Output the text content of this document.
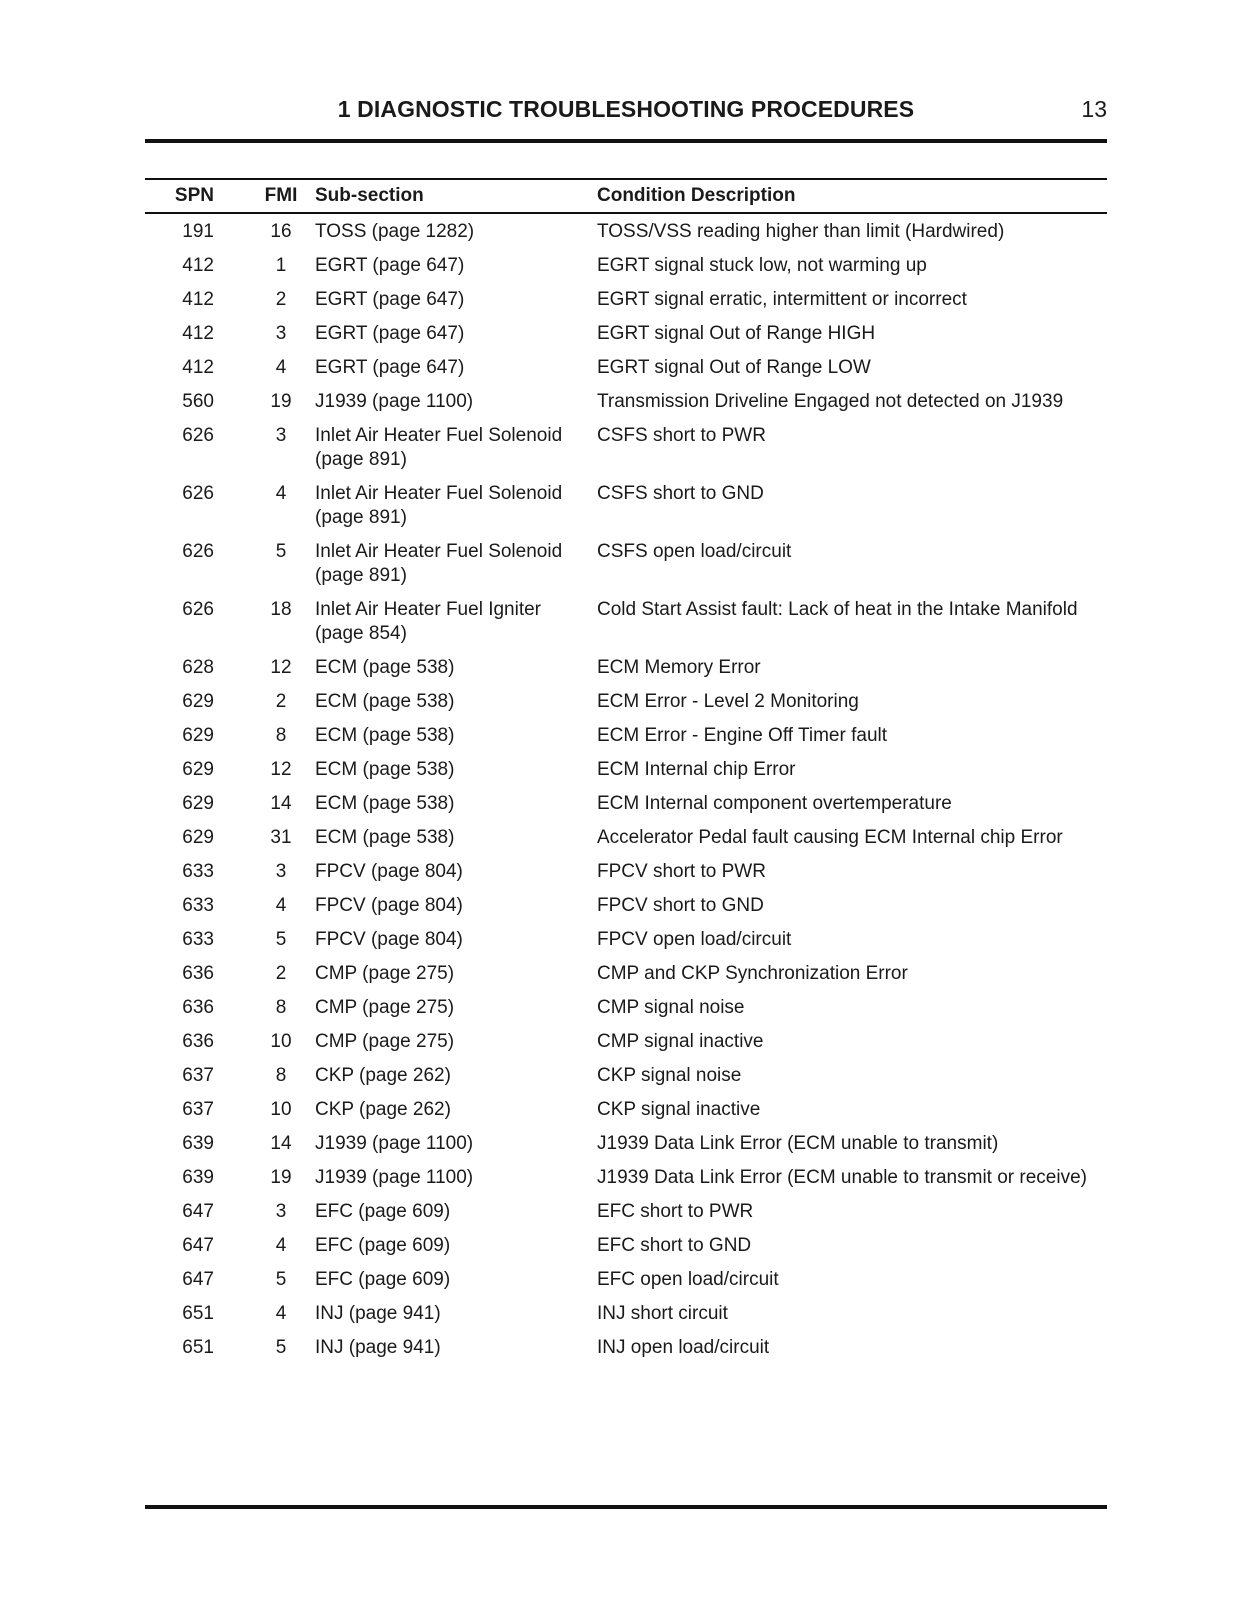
1 DIAGNOSTIC TROUBLESHOOTING PROCEDURES	13
SPN	FMI	Sub-section	Condition Description
191	16	TOSS (page 1282)	TOSS/VSS reading higher than limit (Hardwired)
412	1	EGRT (page 647)	EGRT signal stuck low, not warming up
412	2	EGRT (page 647)	EGRT signal erratic, intermittent or incorrect
412	3	EGRT (page 647)	EGRT signal Out of Range HIGH
412	4	EGRT (page 647)	EGRT signal Out of Range LOW
560	19	J1939 (page 1100)	Transmission Driveline Engaged not detected on J1939
626	3	Inlet Air Heater Fuel Solenoid (page 891)	CSFS short to PWR
626	4	Inlet Air Heater Fuel Solenoid (page 891)	CSFS short to GND
626	5	Inlet Air Heater Fuel Solenoid (page 891)	CSFS open load/circuit
626	18	Inlet Air Heater Fuel Igniter (page 854)	Cold Start Assist fault: Lack of heat in the Intake Manifold
628	12	ECM (page 538)	ECM Memory Error
629	2	ECM (page 538)	ECM Error - Level 2 Monitoring
629	8	ECM (page 538)	ECM Error - Engine Off Timer fault
629	12	ECM (page 538)	ECM Internal chip Error
629	14	ECM (page 538)	ECM Internal component overtemperature
629	31	ECM (page 538)	Accelerator Pedal fault causing ECM Internal chip Error
633	3	FPCV (page 804)	FPCV short to PWR
633	4	FPCV (page 804)	FPCV short to GND
633	5	FPCV (page 804)	FPCV open load/circuit
636	2	CMP (page 275)	CMP and CKP Synchronization Error
636	8	CMP (page 275)	CMP signal noise
636	10	CMP (page 275)	CMP signal inactive
637	8	CKP (page 262)	CKP signal noise
637	10	CKP (page 262)	CKP signal inactive
639	14	J1939 (page 1100)	J1939 Data Link Error (ECM unable to transmit)
639	19	J1939 (page 1100)	J1939 Data Link Error (ECM unable to transmit or receive)
647	3	EFC (page 609)	EFC short to PWR
647	4	EFC (page 609)	EFC short to GND
647	5	EFC (page 609)	EFC open load/circuit
651	4	INJ (page 941)	INJ short circuit
651	5	INJ (page 941)	INJ open load/circuit
